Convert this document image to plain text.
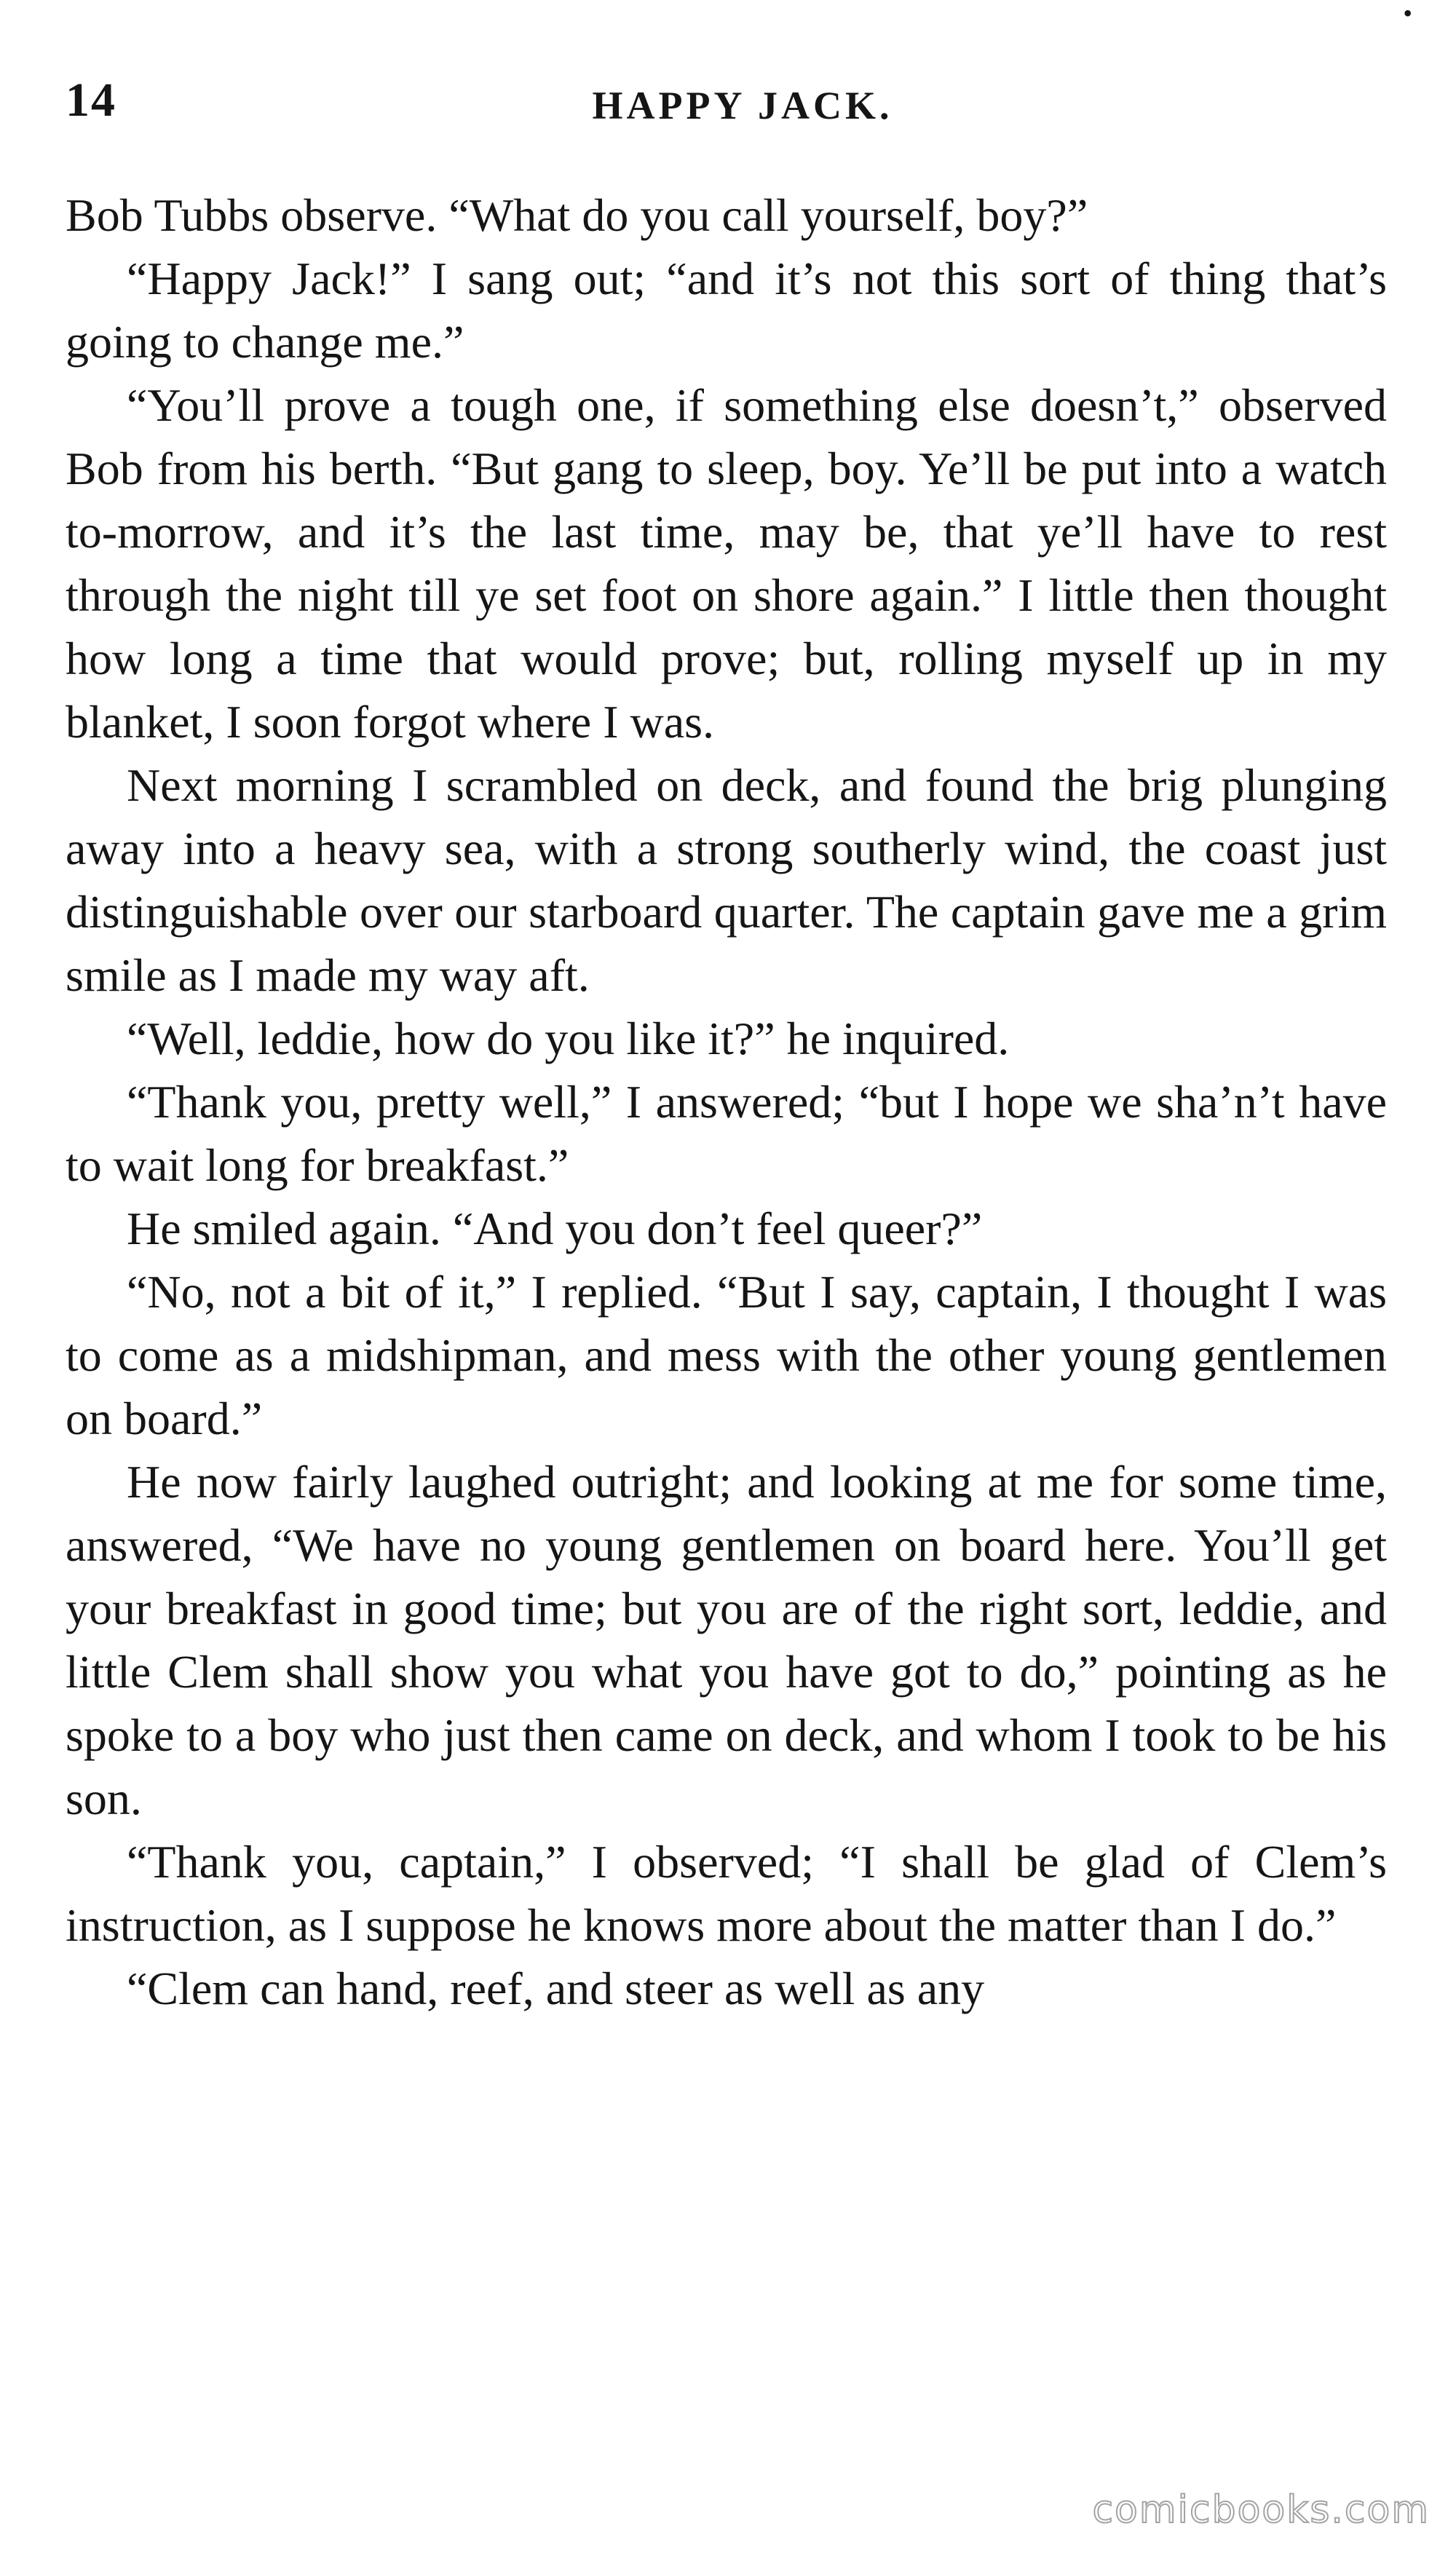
14	HAPPY JACK.
•

Bob Tubbs observe. “What do you call yourself, boy?”

“Happy Jack!” I sang out; “and it’s not this sort of thing that’s going to change me.”

“You’ll prove a tough one, if something else doesn’t,” observed Bob from his berth. “But gang to sleep, boy. Ye’ll be put into a watch to-morrow, and it’s the last time, may be, that ye’ll have to rest through the night till ye set foot on shore again.” I little then thought how long a time that would prove; but, rolling myself up in my blanket, I soon forgot where I was.

Next morning I scrambled on deck, and found the brig plunging away into a heavy sea, with a strong southerly wind, the coast just distinguishable over our starboard quarter. The captain gave me a grim smile as I made my way aft.

“Well, leddie, how do you like it?” he inquired.

“Thank you, pretty well,” I answered; “but I hope we sha’n’t have to wait long for breakfast.”

He smiled again. “And you don’t feel queer?”

“No, not a bit of it,” I replied. “But I say, captain, I thought I was to come as a midshipman, and mess with the other young gentlemen on board.”

He now fairly laughed outright; and looking at me for some time, answered, “We have no young gentlemen on board here. You’ll get your breakfast in good time; but you are of the right sort, leddie, and little Clem shall show you what you have got to do,” pointing as he spoke to a boy who just then came on deck, and whom I took to be his son.

“Thank you, captain,” I observed; “I shall be glad of Clem’s instruction, as I suppose he knows more about the matter than I do.”

“Clem can hand, reef, and steer as well as any

comicbooks.com
